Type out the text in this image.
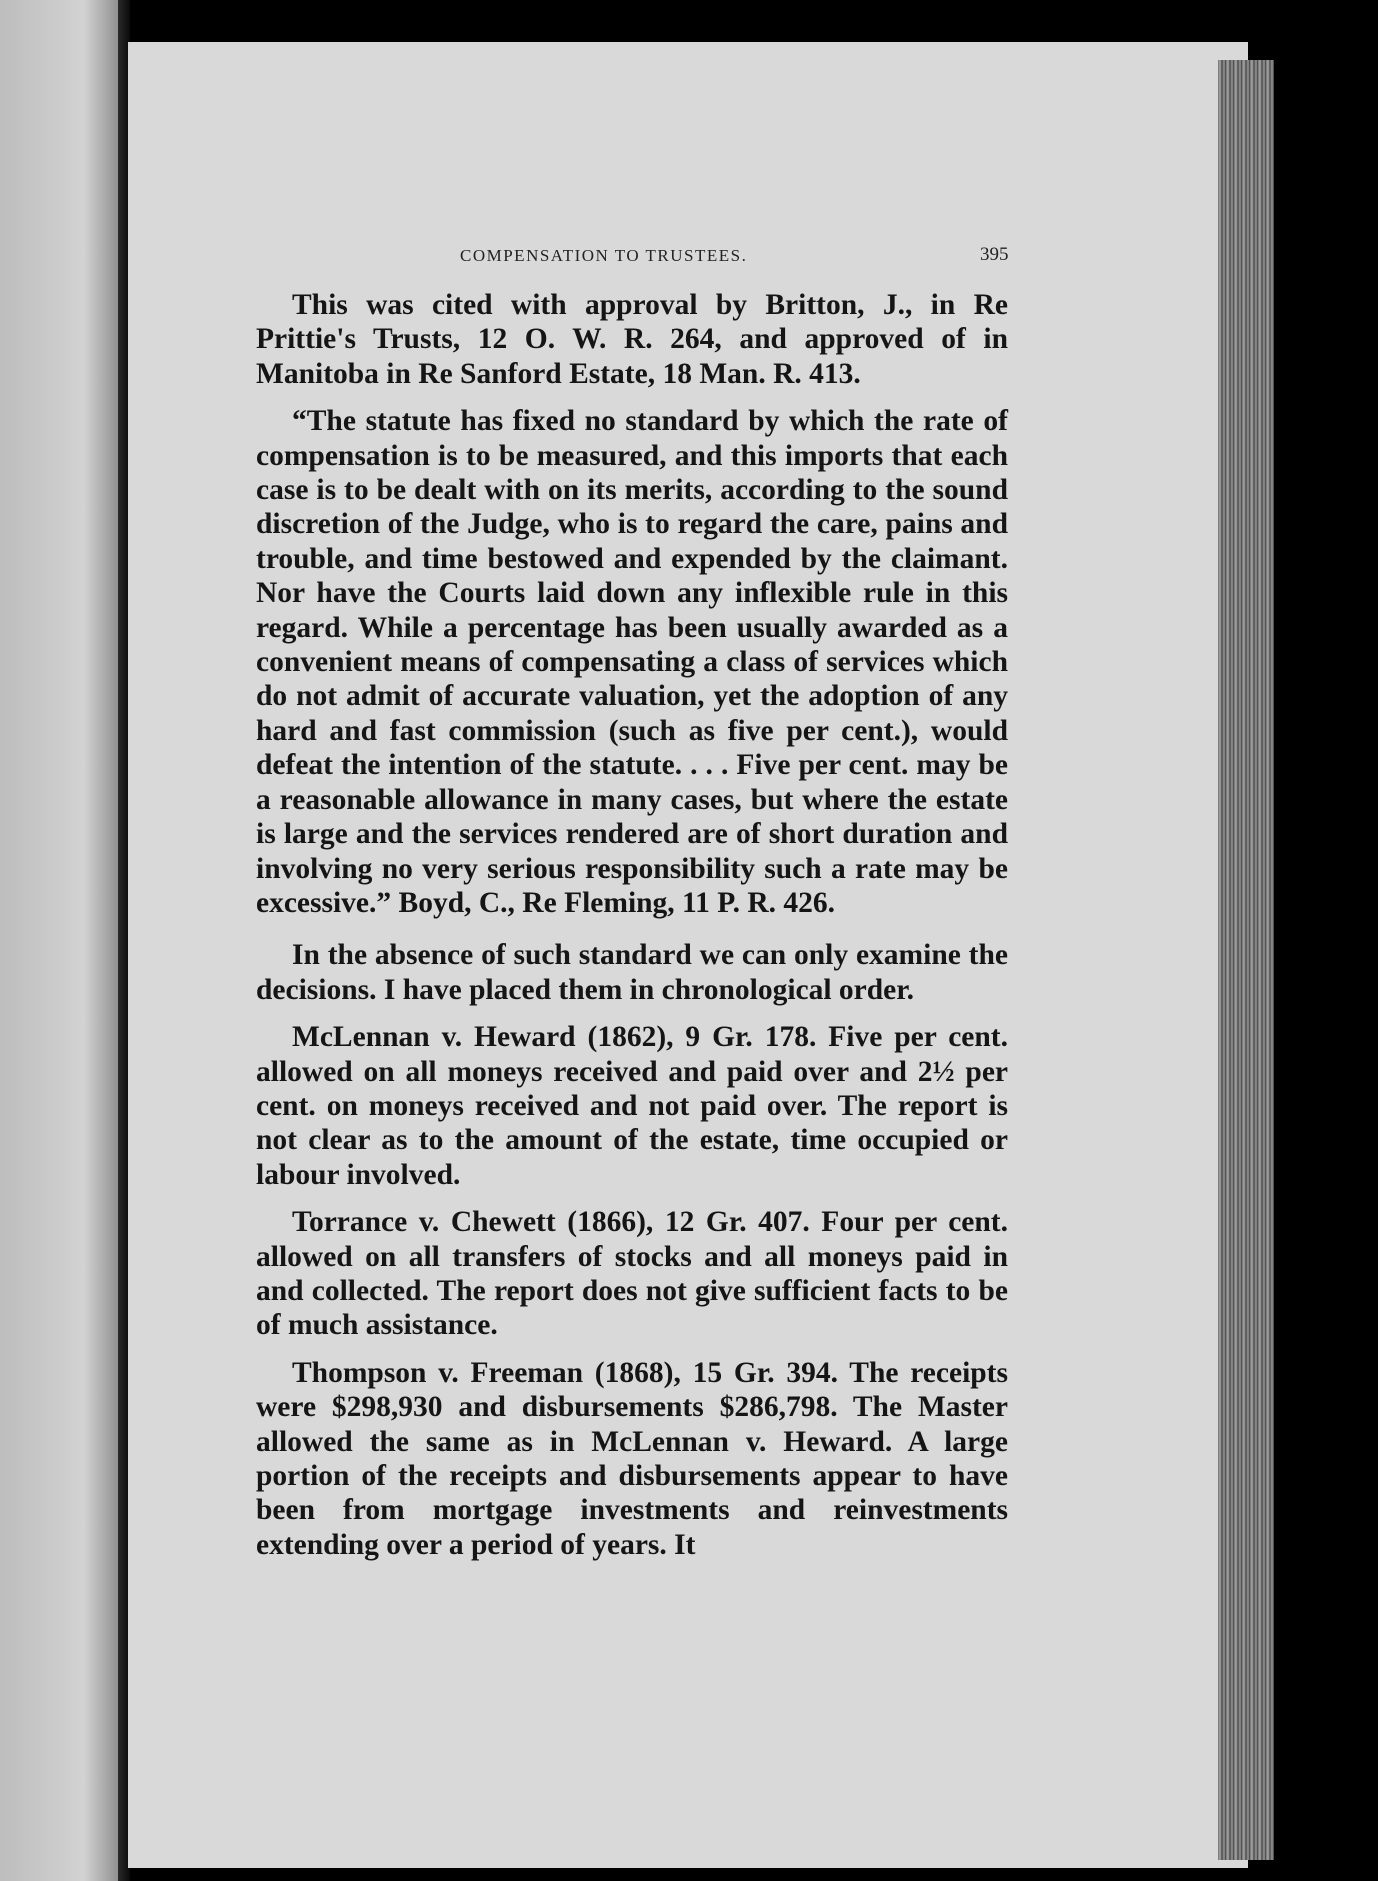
COMPENSATION TO TRUSTEES.	395

This was cited with approval by Britton, J., in Re Prittie's Trusts, 12 O. W. R. 264, and approved of in Manitoba in Re Sanford Estate, 18 Man. R. 413.

“The statute has fixed no standard by which the rate of compensation is to be measured, and this imports that each case is to be dealt with on its merits, according to the sound discretion of the Judge, who is to regard the care, pains and trouble, and time bestowed and expended by the claimant. Nor have the Courts laid down any inflexible rule in this regard. While a percentage has been usually awarded as a convenient means of compensating a class of services which do not admit of accurate valuation, yet the adoption of any hard and fast commission (such as five per cent.), would defeat the intention of the statute. . . . Five per cent. may be a reasonable allowance in many cases, but where the estate is large and the services rendered are of short duration and involving no very serious responsibility such a rate may be excessive.” Boyd, C., Re Fleming, 11 P. R. 426.

In the absence of such standard we can only examine the decisions. I have placed them in chronological order.

McLennan v. Heward (1862), 9 Gr. 178. Five per cent. allowed on all moneys received and paid over and 2½ per cent. on moneys received and not paid over. The report is not clear as to the amount of the estate, time occupied or labour involved.

Torrance v. Chewett (1866), 12 Gr. 407. Four per cent. allowed on all transfers of stocks and all moneys paid in and collected. The report does not give sufficient facts to be of much assistance.

Thompson v. Freeman (1868), 15 Gr. 394. The receipts were $298,930 and disbursements $286,798. The Master allowed the same as in McLennan v. Heward. A large portion of the receipts and disbursements appear to have been from mortgage investments and reinvestments extending over a period of years. It
